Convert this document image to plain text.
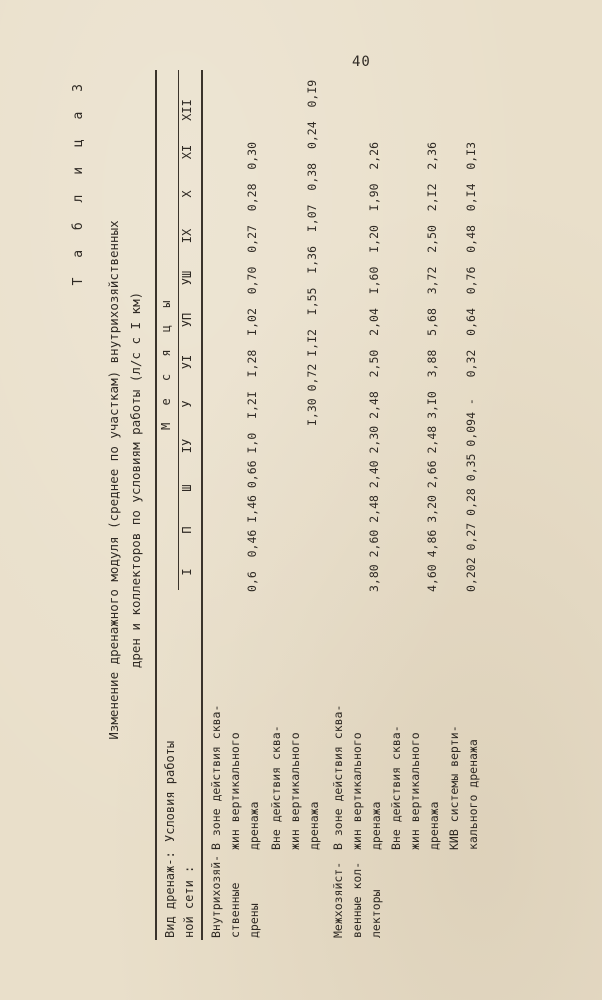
40
Т а б л и ц а 3
Изменение дренажного модуля (среднее по участкам) внутрихозяйственных дрен и коллекторов по условиям работы (л/с с I км)
Вид дренаж-: ной сети :
Условия работы
М е с я ц ы
I
П
Ш
IУ
У
УI
УП
УШ
IX
X
XI
XII
Внутрихозяй- ственные дрены
В зоне действия сква- жин вертикального дренажа
0,6  0,46 I,46 0,66 I,0  I,2I  I,28  I,02  0,70  0,27  0,28  0,30
Вне действия сква- жин вертикального дренажа
I,30 0,72 I,I2  I,55  I,36  I,07  0,38  0,24  0,I9
Межхозяйст- венные кол- лекторы
В зоне действия сква- жин вертикального дренажа
3,80 2,60 2,48 2,40 2,30 2,48  2,50  2,04  I,60  I,20  I,90  2,26
Вне действия сква- жин вертикального дренажа
4,60 4,86 3,20 2,66 2,48 3,I0  3,88  5,68  3,72  2,50  2,I2  2,36
КИВ системы верти- кального дренажа
0,202 0,27 0,28 0,35 0,094 -   0,32  0,64  0,76  0,48  0,I4  0,I3
